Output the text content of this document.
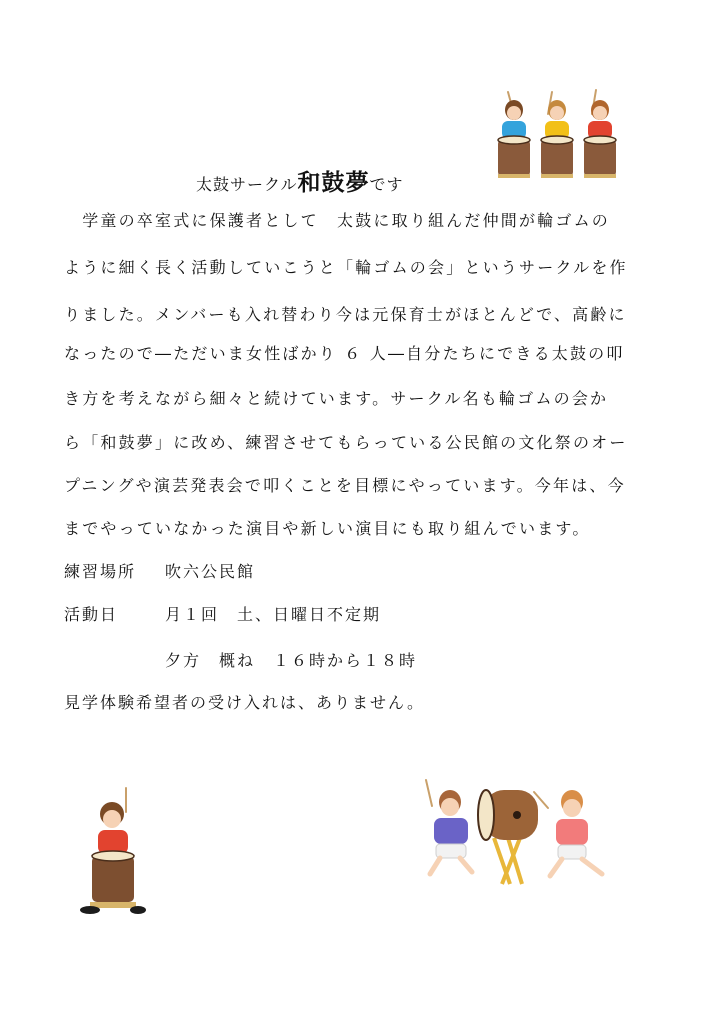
太鼓サークル和鼓夢です
　学童の卒室式に保護者として　太鼓に取り組んだ仲間が輪ゴムの
ように細く長く活動していこうと「輪ゴムの会」というサークルを作
りました。メンバーも入れ替わり今は元保育士がほとんどで、高齢に
なったので―ただいま女性ばかり ６ 人―自分たちにできる太鼓の叩
き方を考えながら細々と続けています。サークル名も輪ゴムの会か
ら「和鼓夢」に改め、練習させてもらっている公民館の文化祭のオー
プニングや演芸発表会で叩くことを目標にやっています。今年は、今
までやっていなかった演目や新しい演目にも取り組んでいます。
練習場所 吹六公民館
活動日	月１回　土、日曜日不定期
夕方　概ね　１６時から１８時
見学体験希望者の受け入れは、ありません。
